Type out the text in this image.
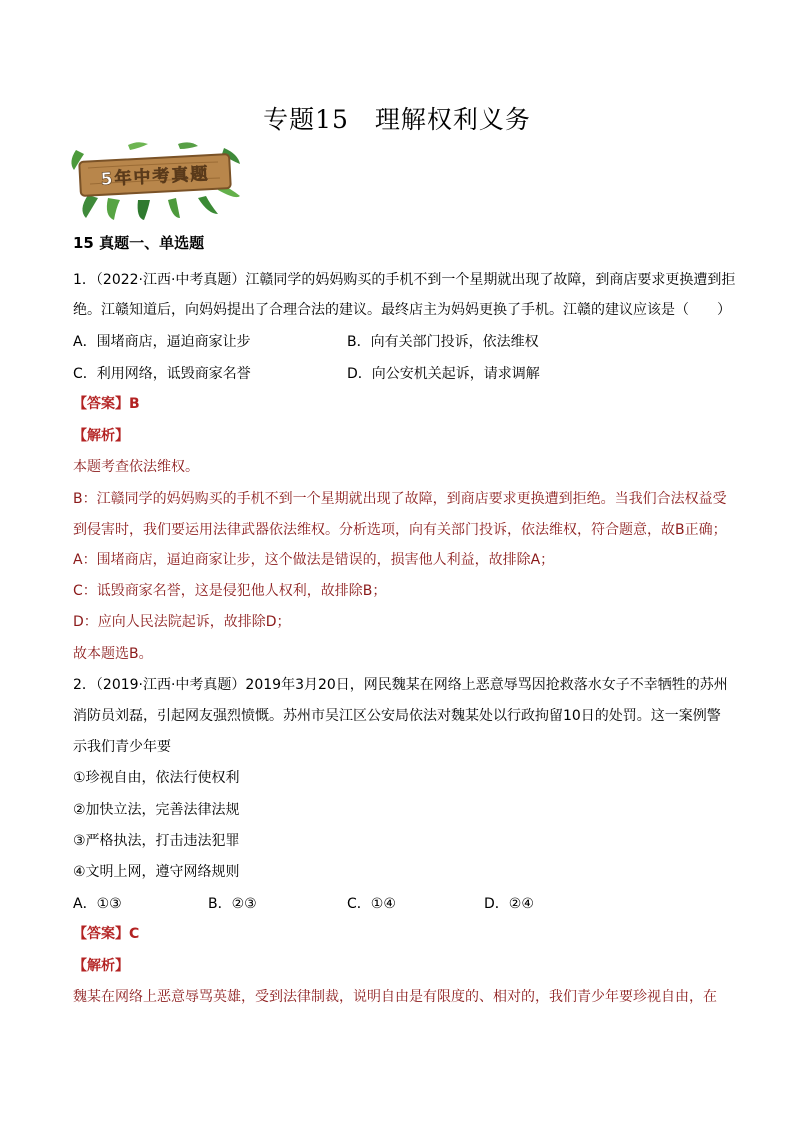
专题15　理解权利义务
5年中考真题
15 真题一、单选题
1．（2022·江西·中考真题）江赣同学的妈妈购买的手机不到一个星期就出现了故障，到商店要求更换遭到拒
绝。江赣知道后，向妈妈提出了合理合法的建议。最终店主为妈妈更换了手机。江赣的建议应该是（　　）
A．围堵商店，逼迫商家让步	B．向有关部门投诉，依法维权
C．利用网络，诋毁商家名誉	D．向公安机关起诉，请求调解
【答案】B
【解析】
本题考查依法维权。
B：江赣同学的妈妈购买的手机不到一个星期就出现了故障，到商店要求更换遭到拒绝。当我们合法权益受
到侵害时，我们要运用法律武器依法维权。分析选项，向有关部门投诉，依法维权，符合题意，故B正确；
A：围堵商店，逼迫商家让步，这个做法是错误的，损害他人利益，故排除A；
C：诋毁商家名誉，这是侵犯他人权利，故排除B；
D：应向人民法院起诉，故排除D；
故本题选B。
2．（2019·江西·中考真题）2019年3月20日，网民魏某在网络上恶意辱骂因抢救落水女子不幸牺牲的苏州
消防员刘磊，引起网友强烈愤慨。苏州市吴江区公安局依法对魏某处以行政拘留10日的处罚。这一案例警
示我们青少年要
①珍视自由，依法行使权利
②加快立法，完善法律法规
③严格执法，打击违法犯罪
④文明上网，遵守网络规则
A．①③	B．②③	C．①④	D．②④
【答案】C
【解析】
魏某在网络上恶意辱骂英雄，受到法律制裁，说明自由是有限度的、相对的，我们青少年要珍视自由，在
